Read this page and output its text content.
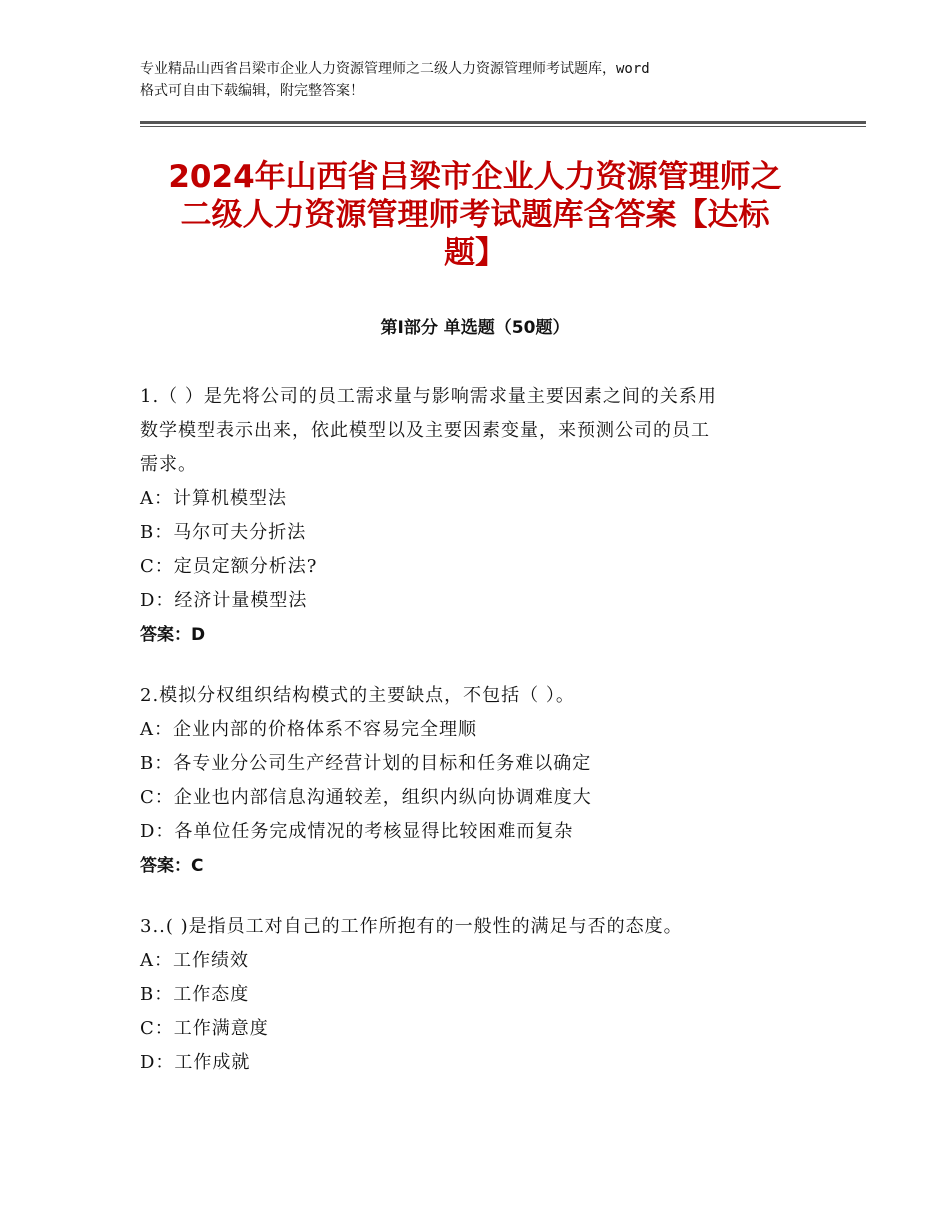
专业精品山西省吕梁市企业人力资源管理师之二级人力资源管理师考试题库，word
格式可自由下载编辑，附完整答案！
2024年山西省吕梁市企业人力资源管理师之
二级人力资源管理师考试题库含答案【达标
题】
第Ⅰ部分 单选题（50题）
1.（ ）是先将公司的员工需求量与影响需求量主要因素之间的关系用
数学模型表示出来，依此模型以及主要因素变量，来预测公司的员工
需求。
A：计算机模型法
B：马尔可夫分折法
C：定员定额分析法?
D：经济计量模型法
答案：D
2.模拟分权组织结构模式的主要缺点，不包括（ ）。
A：企业内部的价格体系不容易完全理顺
B：各专业分公司生产经营计划的目标和任务难以确定
C：企业也内部信息沟通较差，组织内纵向协调难度大
D：各单位任务完成情况的考核显得比较困难而复杂
答案：C
3..( )是指员工对自己的工作所抱有的一般性的满足与否的态度。
A：工作绩效
B：工作态度
C：工作满意度
D：工作成就
